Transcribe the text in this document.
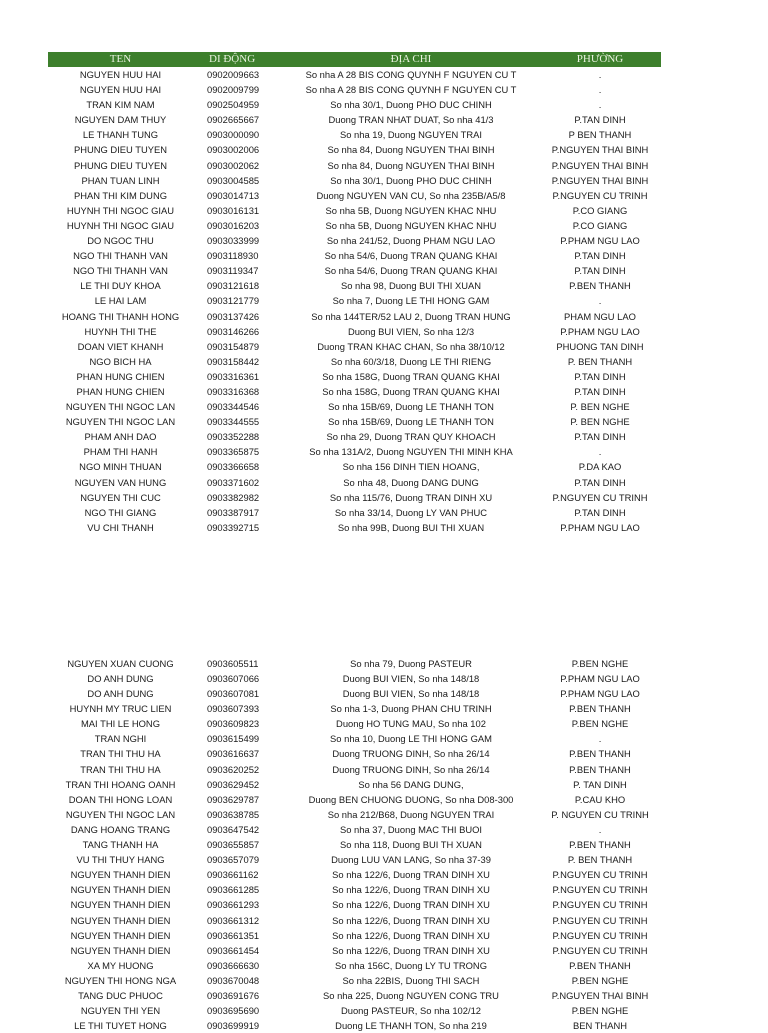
TEN	DI ĐỘNG	ĐỊA CHI	PHƯỜNG
NGUYEN HUU HAI	0902009663	So nha A 28 BIS CONG QUYNH F NGUYEN CU T	.
NGUYEN HUU HAI	0902009799	So nha A 28 BIS CONG QUYNH F NGUYEN CU T	.
TRAN KIM NAM	0902504959	So nha 30/1, Duong PHO DUC CHINH	.
NGUYEN DAM THUY	0902665667	Duong TRAN NHAT DUAT, So nha 41/3	P.TAN DINH
LE THANH TUNG	0903000090	So nha 19, Duong NGUYEN TRAI	P BEN THANH
PHUNG DIEU TUYEN	0903002006	So nha 84, Duong NGUYEN THAI BINH	P.NGUYEN THAI BINH
PHUNG DIEU TUYEN	0903002062	So nha 84, Duong NGUYEN THAI BINH	P.NGUYEN THAI BINH
PHAN TUAN LINH	0903004585	So nha 30/1, Duong PHO DUC CHINH	P.NGUYEN THAI BINH
PHAN THI KIM DUNG	0903014713	Duong NGUYEN VAN CU, So nha 235B/A5/8	P.NGUYEN CU TRINH
HUYNH THI NGOC GIAU	0903016131	So nha 5B, Duong NGUYEN KHAC NHU	P.CO GIANG
HUYNH THI NGOC GIAU	0903016203	So nha 5B, Duong NGUYEN KHAC NHU	P.CO GIANG
DO NGOC THU	0903033999	So nha 241/52, Duong PHAM NGU LAO	P.PHAM NGU LAO
NGO THI THANH VAN	0903118930	So nha 54/6, Duong TRAN QUANG KHAI	P.TAN DINH
NGO THI THANH VAN	0903119347	So nha 54/6, Duong TRAN QUANG KHAI	P.TAN DINH
LE THI DUY KHOA	0903121618	So nha 98, Duong BUI THI XUAN	P.BEN THANH
LE HAI LAM	0903121779	So nha 7, Duong LE THI HONG GAM	.
HOANG THI THANH HONG	0903137426	So nha 144TER/52 LAU 2, Duong TRAN HUNG	PHAM NGU LAO
HUYNH THI THE	0903146266	Duong BUI VIEN, So nha 12/3	P.PHAM NGU LAO
DOAN VIET KHANH	0903154879	Duong TRAN KHAC CHAN, So nha 38/10/12	PHUONG TAN DINH
NGO BICH HA	0903158442	So nha 60/3/18, Duong LE THI RIENG	P. BEN THANH
PHAN HUNG CHIEN	0903316361	So nha 158G, Duong TRAN QUANG KHAI	P.TAN DINH
PHAN HUNG CHIEN	0903316368	So nha 158G, Duong TRAN QUANG KHAI	P.TAN DINH
NGUYEN THI NGOC LAN	0903344546	So nha 15B/69, Duong LE THANH TON	P. BEN NGHE
NGUYEN THI NGOC LAN	0903344555	So nha 15B/69, Duong LE THANH TON	P. BEN NGHE
PHAM ANH DAO	0903352288	So nha 29, Duong TRAN QUY KHOACH	P.TAN DINH
PHAM THI HANH	0903365875	So nha 131A/2, Duong NGUYEN THI MINH KHA	.
NGO MINH THUAN	0903366658	So nha 156 DINH TIEN HOANG,	P.DA KAO
NGUYEN VAN HUNG	0903371602	So nha 48, Duong DANG DUNG	P.TAN DINH
NGUYEN THI CUC	0903382982	So nha 115/76, Duong TRAN DINH XU	P.NGUYEN CU TRINH
NGO THI GIANG	0903387917	So nha 33/14, Duong LY VAN PHUC	P.TAN DINH
VU CHI THANH	0903392715	So nha 99B, Duong BUI THI XUAN	P.PHAM NGU LAO
NGUYEN XUAN CUONG	0903605511	So nha 79, Duong PASTEUR	P.BEN NGHE
DO ANH DUNG	0903607066	Duong BUI VIEN, So nha 148/18	P.PHAM NGU LAO
DO ANH DUNG	0903607081	Duong BUI VIEN, So nha 148/18	P.PHAM NGU LAO
HUYNH MY TRUC LIEN	0903607393	So nha 1-3, Duong PHAN CHU TRINH	P.BEN THANH
MAI THI LE HONG	0903609823	Duong HO TUNG MAU, So nha 102	P.BEN NGHE
TRAN NGHI	0903615499	So nha 10, Duong LE THI HONG GAM	.
TRAN THI THU HA	0903616637	Duong TRUONG DINH, So nha 26/14	P.BEN THANH
TRAN THI THU HA	0903620252	Duong TRUONG DINH, So nha 26/14	P.BEN THANH
TRAN THI HOANG OANH	0903629452	So nha 56 DANG DUNG,	P. TAN DINH
DOAN THI HONG LOAN	0903629787	Duong BEN CHUONG DUONG, So nha D08-300	P.CAU KHO
NGUYEN THI NGOC LAN	0903638785	So nha 212/B68, Duong NGUYEN TRAI	P. NGUYEN CU TRINH
DANG HOANG TRANG	0903647542	So nha 37, Duong MAC THI BUOI	.
TANG THANH HA	0903655857	So nha 118, Duong BUI TH XUAN	P.BEN THANH
VU THI THUY HANG	0903657079	Duong LUU VAN LANG, So nha 37-39	P. BEN THANH
NGUYEN THANH DIEN	0903661162	So nha 122/6, Duong TRAN DINH XU	P.NGUYEN CU TRINH
NGUYEN THANH DIEN	0903661285	So nha 122/6, Duong TRAN DINH XU	P.NGUYEN CU TRINH
NGUYEN THANH DIEN	0903661293	So nha 122/6, Duong TRAN DINH XU	P.NGUYEN CU TRINH
NGUYEN THANH DIEN	0903661312	So nha 122/6, Duong TRAN DINH XU	P.NGUYEN CU TRINH
NGUYEN THANH DIEN	0903661351	So nha 122/6, Duong TRAN DINH XU	P.NGUYEN CU TRINH
NGUYEN THANH DIEN	0903661454	So nha 122/6, Duong TRAN DINH XU	P.NGUYEN CU TRINH
XA MY HUONG	0903666630	So nha 156C, Duong LY TU TRONG	P.BEN THANH
NGUYEN THI HONG NGA	0903670048	So nha 22BIS, Duong THI SACH	P.BEN NGHE
TANG DUC PHUOC	0903691676	So nha 225, Duong NGUYEN CONG TRU	P.NGUYEN THAI BINH
NGUYEN THI YEN	0903695690	Duong PASTEUR, So nha 102/12	P.BEN NGHE
LE THI TUYET HONG	0903699919	Duong LE THANH TON, So nha 219	BEN THANH
